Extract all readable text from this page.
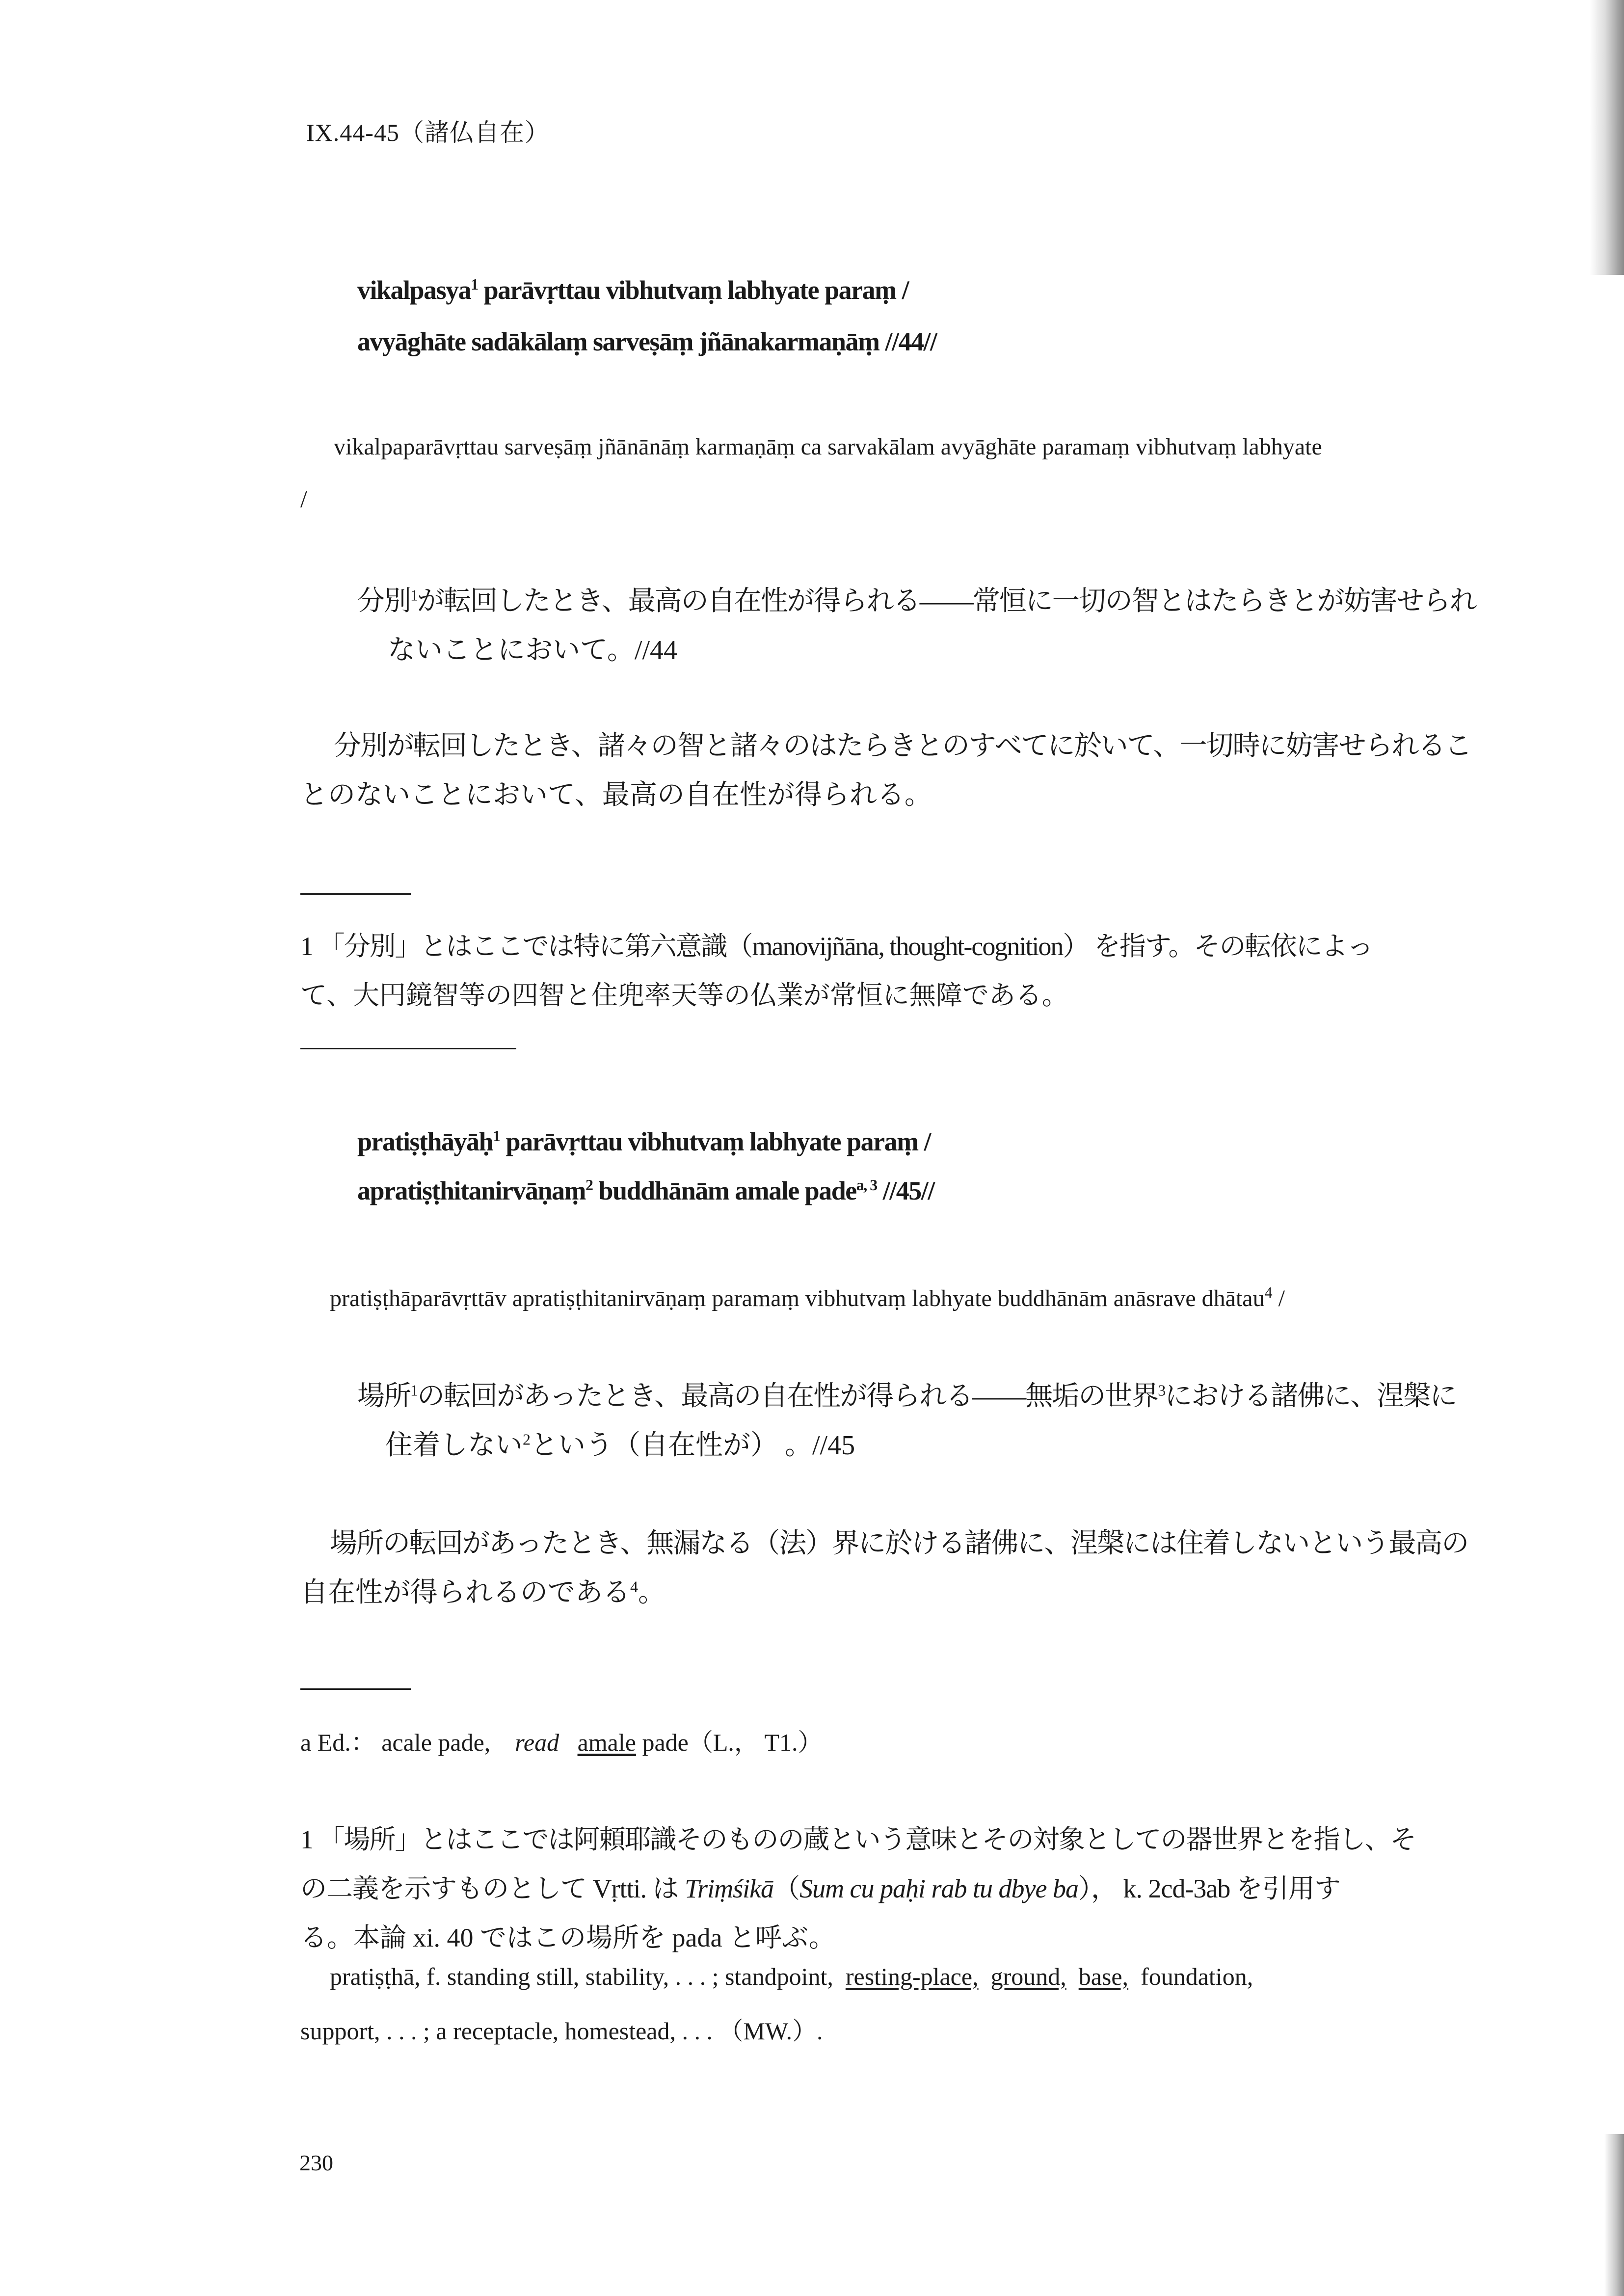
IX.44-45（諸仏自在）
vikalpasya$^1$ parāvṛttau vibhutvaṃ labhyate paraṃ /
avyāghāte sadākālaṃ sarveṣāṃ jñānakarmaṇāṃ //44//
vikalpaparāvṛttau sarveṣāṃ jñānānāṃ karmaṇāṃ ca sarvakālam avyāghāte paramaṃ vibhutvaṃ labhyate
/
分別$^1$が転回したとき、最高の自在性が得られる――常恒に一切の智とはたらきとが妨害せられ
ないことにおいて。//44
分別が転回したとき、諸々の智と諸々のはたらきとのすべてに於いて、一切時に妨害せられるこ
とのないことにおいて、最高の自在性が得られる。
1 「分別」とはここでは特に第六意識（manovijñāna, thought-cognition） を指す。その転依によっ
て、大円鏡智等の四智と住兜率天等の仏業が常恒に無障である。
pratiṣṭhāyāḥ$^1$ parāvṛttau vibhutvaṃ labhyate paraṃ /
apratiṣṭhitanirvāṇaṃ$^2$ buddhānām amale pade$^{a, 3}$ //45//
pratiṣṭhāparāvṛttāv apratiṣṭhitanirvāṇaṃ paramaṃ vibhutvaṃ labhyate buddhānām anāsrave dhātau$^4$ /
場所$^1$の転回があったとき、最高の自在性が得られる――無垢の世界$^3$における諸佛に、涅槃に
住着しない$^2$という（自在性が） 。//45
場所の転回があったとき、無漏なる（法）界に於ける諸佛に、涅槃には住着しないという最高の
自在性が得られるのである$^4$。
a Ed.： acale pade, read amale pade（L.， T1.）
1 「場所」とはここでは阿頼耶識そのものの蔵という意味とその対象としての器世界とを指し、そ
の二義を示すものとして Vṛtti. は Triṃśikā（Sum cu paḥi rab tu dbye ba）， k. 2cd-3ab を引用す
る。本論 xi. 40 ではこの場所を pada と呼ぶ。
pratiṣṭhā, f. standing still, stability, . . . ; standpoint, resting-place, ground, base, foundation,
support, . . . ; a receptacle, homestead, . . . （MW.）.
230
